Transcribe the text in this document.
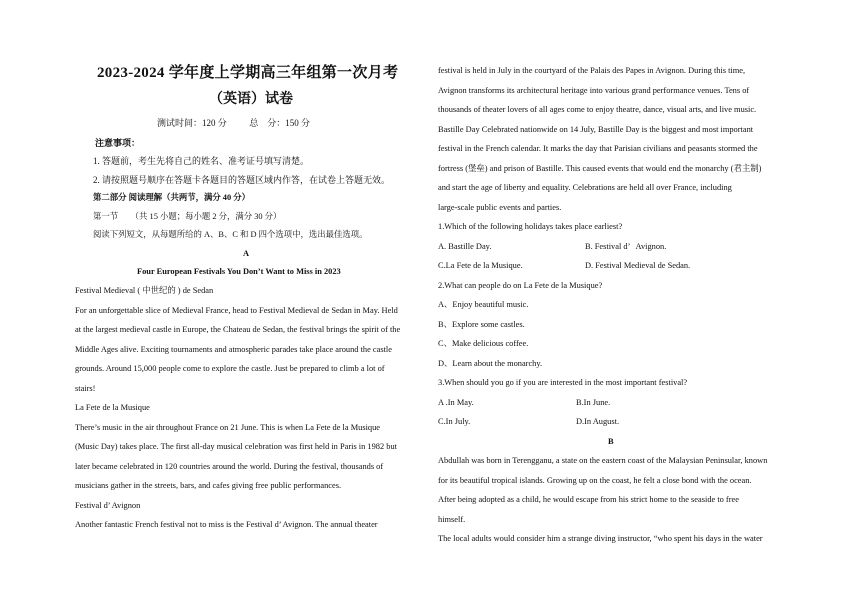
2023-2024 学年度上学期高三年组第一次月考
（英语）试卷
测试时间：120 分          总    分：150 分
注意事项：
1. 答题前，考生先将自己的姓名、准考证号填写清楚。
2. 请按照题号顺序在答题卡各题目的答题区域内作答，在试卷上答题无效。
第二部分 阅读理解（共两节，满分 40 分）
第一节      （共 15 小题；每小题 2 分，满分 30 分）
阅读下列短文，从每题所给的 A、B、C 和 D 四个选项中，选出最佳选项。
A
Four European Festivals You Don’t Want to Miss in 2023
Festival Medieval ( 中世纪的 ) de Sedan
For an unforgettable slice of Medieval France, head to Festival Medieval de Sedan in May. Held
at the largest medieval castle in Europe, the Chateau de Sedan, the festival brings the spirit of the
Middle Ages alive. Exciting tournaments and atmospheric parades take place around the castle
grounds. Around 15,000 people come to explore the castle. Just be prepared to climb a lot of
stairs!
La Fete de la Musique
There’s music in the air throughout France on 21 June. This is when La Fete de la Musique
(Music Day) takes place. The first all-day musical celebration was first held in Paris in 1982 but
later became celebrated in 120 countries around the world. During the festival, thousands of
musicians gather in the streets, bars, and cafes giving free public performances.
Festival d’ Avignon
Another fantastic French festival not to miss is the Festival d’ Avignon. The annual theater
festival is held in July in the courtyard of the Palais des Papes in Avignon. During this time,
Avignon transforms its architectural heritage into various grand performance venues. Tens of
thousands of theater lovers of all ages come to enjoy theatre, dance, visual arts, and live music.
Bastille Day Celebrated nationwide on 14 July, Bastille Day is the biggest and most important
festival in the French calendar. It marks the day that Parisian civilians and peasants stormed the
fortress (堡垒) and prison of Bastille. This caused events that would end the monarchy (君主制)
and start the age of liberty and equality. Celebrations are held all over France, including
large-scale public events and parties.
1.Which of the following holidays takes place earliest?
A. Bastille Day.	B. Festival d’   Avignon.
C.La Fete de la Musique.	D. Festival Medieval de Sedan.
2.What can people do on La Fete de la Musique?
A、Enjoy beautiful music.
B、Explore some castles.
C、Make delicious coffee.
D、Learn about the monarchy.
3.When should you go if you are interested in the most important festival?
A .In May.	B.In June.
C.In July.	D.In August.
B
Abdullah was born in Terengganu, a state on the eastern coast of the Malaysian Peninsular, known
for its beautiful tropical islands. Growing up on the coast, he felt a close bond with the ocean.
After being adopted as a child, he would escape from his strict home to the seaside to free
himself.
The local adults would consider him a strange diving instructor, “who spent his days in the water
